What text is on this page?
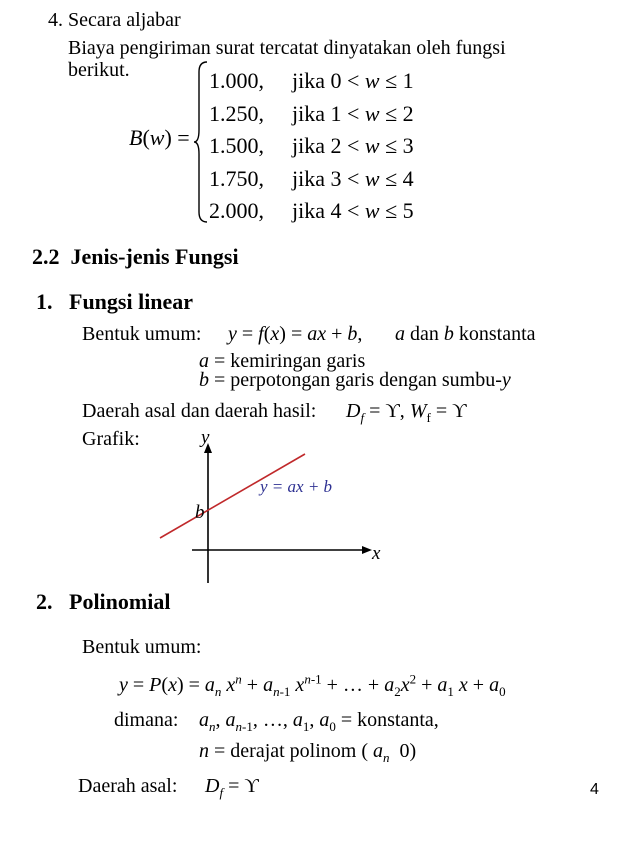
4. Secara aljabar
Biaya pengiriman surat tercatat dinyatakan oleh fungsi
berikut.
B(w) =
1.000, jika 0 < w ≤ 1
1.250, jika 1 < w ≤ 2
1.500, jika 2 < w ≤ 3
1.750, jika 3 < w ≤ 4
2.000, jika 4 < w ≤ 5
2.2 Jenis-jenis Fungsi
1. Fungsi linear
Bentuk umum: y = f(x) = ax + b, a dan b konstanta
a = kemiringan garis
b = perpotongan garis dengan sumbu-y
Daerah asal dan daerah hasil: $D_f = ϒ$, $W_f = ϒ$
Grafik:	y
x
b
y = ax + b
2. Polinomial
Bentuk umum:
$y = P(x) = a_n$ $x^n + a_{n-1}$ $x^{n-1}$ + … + $a_2x^2 + a_1$ $x + a_0$
dimana: $a_n$, $a_{n-1}$, …, $a_1$, $a_0$ = konstanta,
n = derajat polinom ( $a_n$  0)
Daerah asal: $D_f = ϒ$	4
